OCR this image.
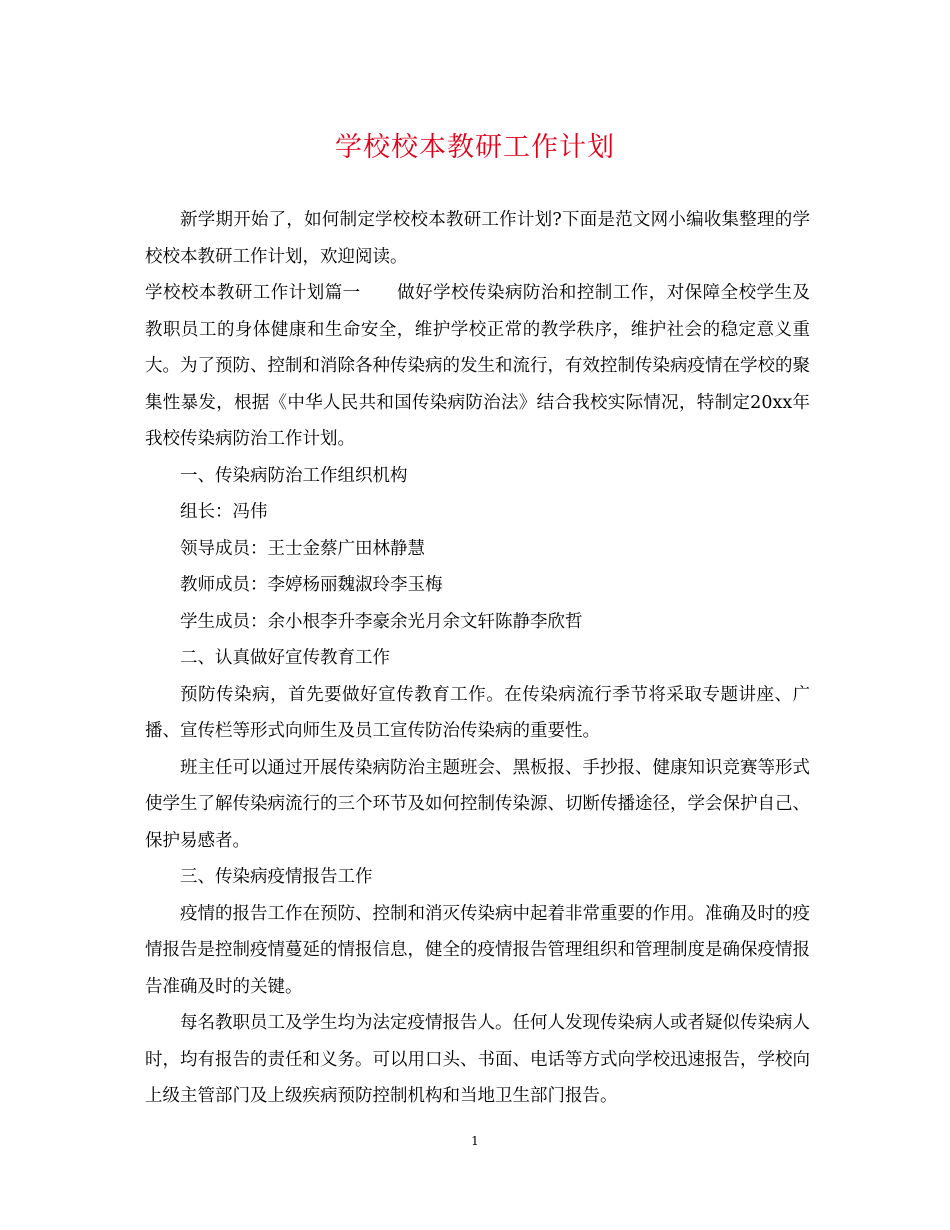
学校校本教研工作计划

新学期开始了，如何制定学校校本教研工作计划?下面是范文网小编收集整理的学校校本教研工作计划，欢迎阅读。

学校校本教研工作计划篇一 做好学校传染病防治和控制工作，对保障全校学生及教职员工的身体健康和生命安全，维护学校正常的教学秩序，维护社会的稳定意义重大。为了预防、控制和消除各种传染病的发生和流行，有效控制传染病疫情在学校的聚集性暴发，根据《中华人民共和国传染病防治法》结合我校实际情况，特制定20xx年我校传染病防治工作计划。

一、传染病防治工作组织机构

组长：冯伟

领导成员：王士金蔡广田林静慧

教师成员：李婷杨丽魏淑玲李玉梅

学生成员：余小根李升李豪余光月余文轩陈静李欣哲

二、认真做好宣传教育工作

预防传染病，首先要做好宣传教育工作。在传染病流行季节将采取专题讲座、广播、宣传栏等形式向师生及员工宣传防治传染病的重要性。

班主任可以通过开展传染病防治主题班会、黑板报、手抄报、健康知识竞赛等形式使学生了解传染病流行的三个环节及如何控制传染源、切断传播途径，学会保护自己、保护易感者。

三、传染病疫情报告工作

疫情的报告工作在预防、控制和消灭传染病中起着非常重要的作用。准确及时的疫情报告是控制疫情蔓延的情报信息，健全的疫情报告管理组织和管理制度是确保疫情报告准确及时的关键。

每名教职员工及学生均为法定疫情报告人。任何人发现传染病人或者疑似传染病人时，均有报告的责任和义务。可以用口头、书面、电话等方式向学校迅速报告，学校向上级主管部门及上级疾病预防控制机构和当地卫生部门报告。

1
